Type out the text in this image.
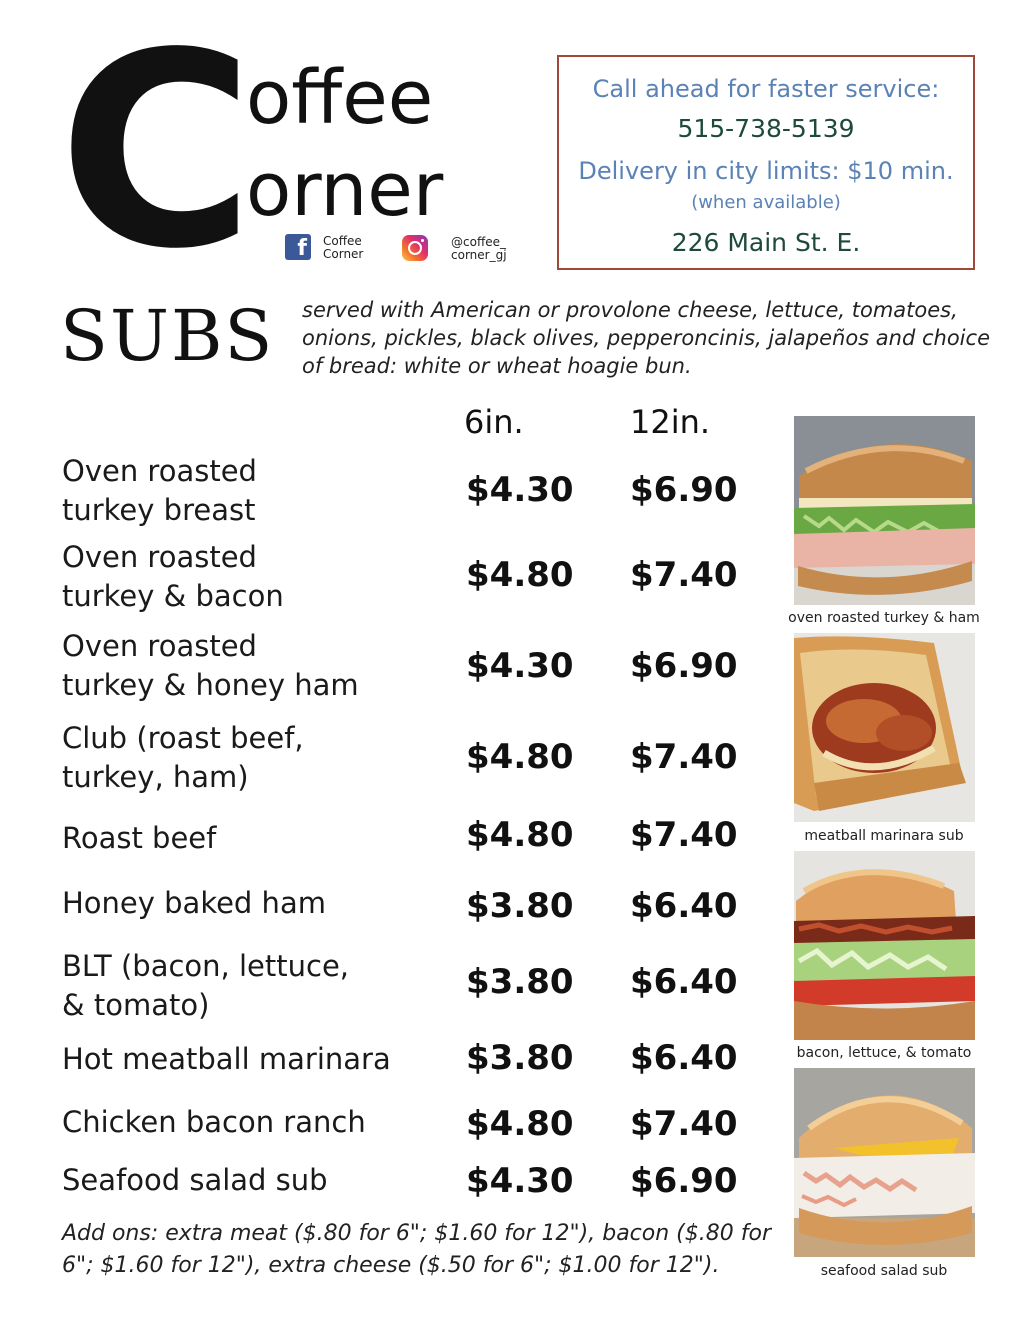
C
offee
orner
f	Coffee
Corner
@coffee_
corner_gj
Call ahead for faster service:
515-738-5139
Delivery in city limits: $10 min.
(when available)
226 Main St. E.
SUBS served with American or provolone cheese, lettuce, tomatoes, onions, pickles, black olives, pepperoncinis, jalapeños and choice of bread: white or wheat hoagie bun.
6in.	12in.
Oven roasted
turkey breast	$4.30 $6.90
Oven roasted
turkey & bacon
$4.80 $7.40
Oven roasted
turkey & honey ham	$4.30 $6.90
Club (roast beef,
turkey, ham)	$4.80 $7.40
Roast beef	$4.80 $7.40
Honey baked ham	$3.80 $6.40
BLT (bacon, lettuce,
& tomato)
$3.80 $6.40
Hot meatball marinara	$3.80 $6.40
Chicken bacon ranch	$4.80 $7.40
Seafood salad sub	$4.30 $6.90
Add ons: extra meat ($.80 for 6"; $1.60 for 12"), bacon ($.80 for 6"; $1.60 for 12"), extra cheese ($.50 for 6"; $1.00 for 12").
oven roasted turkey & ham
meatball marinara sub
bacon, lettuce, & tomato
seafood salad sub
